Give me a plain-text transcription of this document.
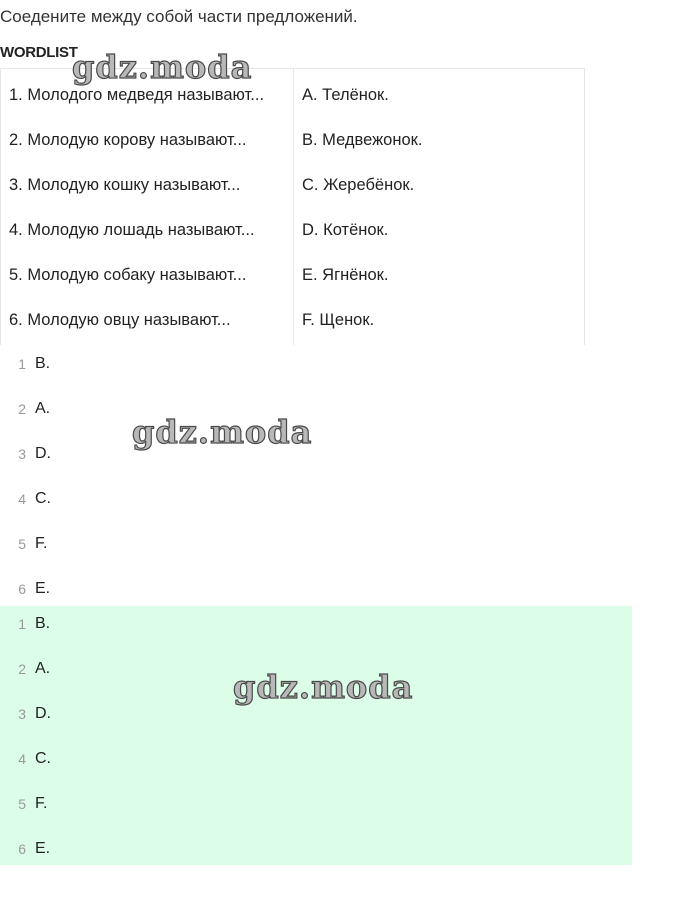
Соедените между собой части предложений.
WORDLIST
1. Молодого медведя называют...
2. Молодую корову называют...
3. Молодую кошку называют...
4. Молодую лошадь называют...
5. Молодую собаку называют...
6. Молодую овцу называют...
A. Телёнок.
B. Медвежонок.
C. Жеребёнок.
D. Котёнок.
E. Ягнёнок.
F. Щенок.
1 B.
2 A.
3 D.
4 C.
5 F.
6 E.
1 B.
2 A.
3 D.
4 C.
5 F.
6 E.
gdz.moda
gdz.moda
gdz.moda
